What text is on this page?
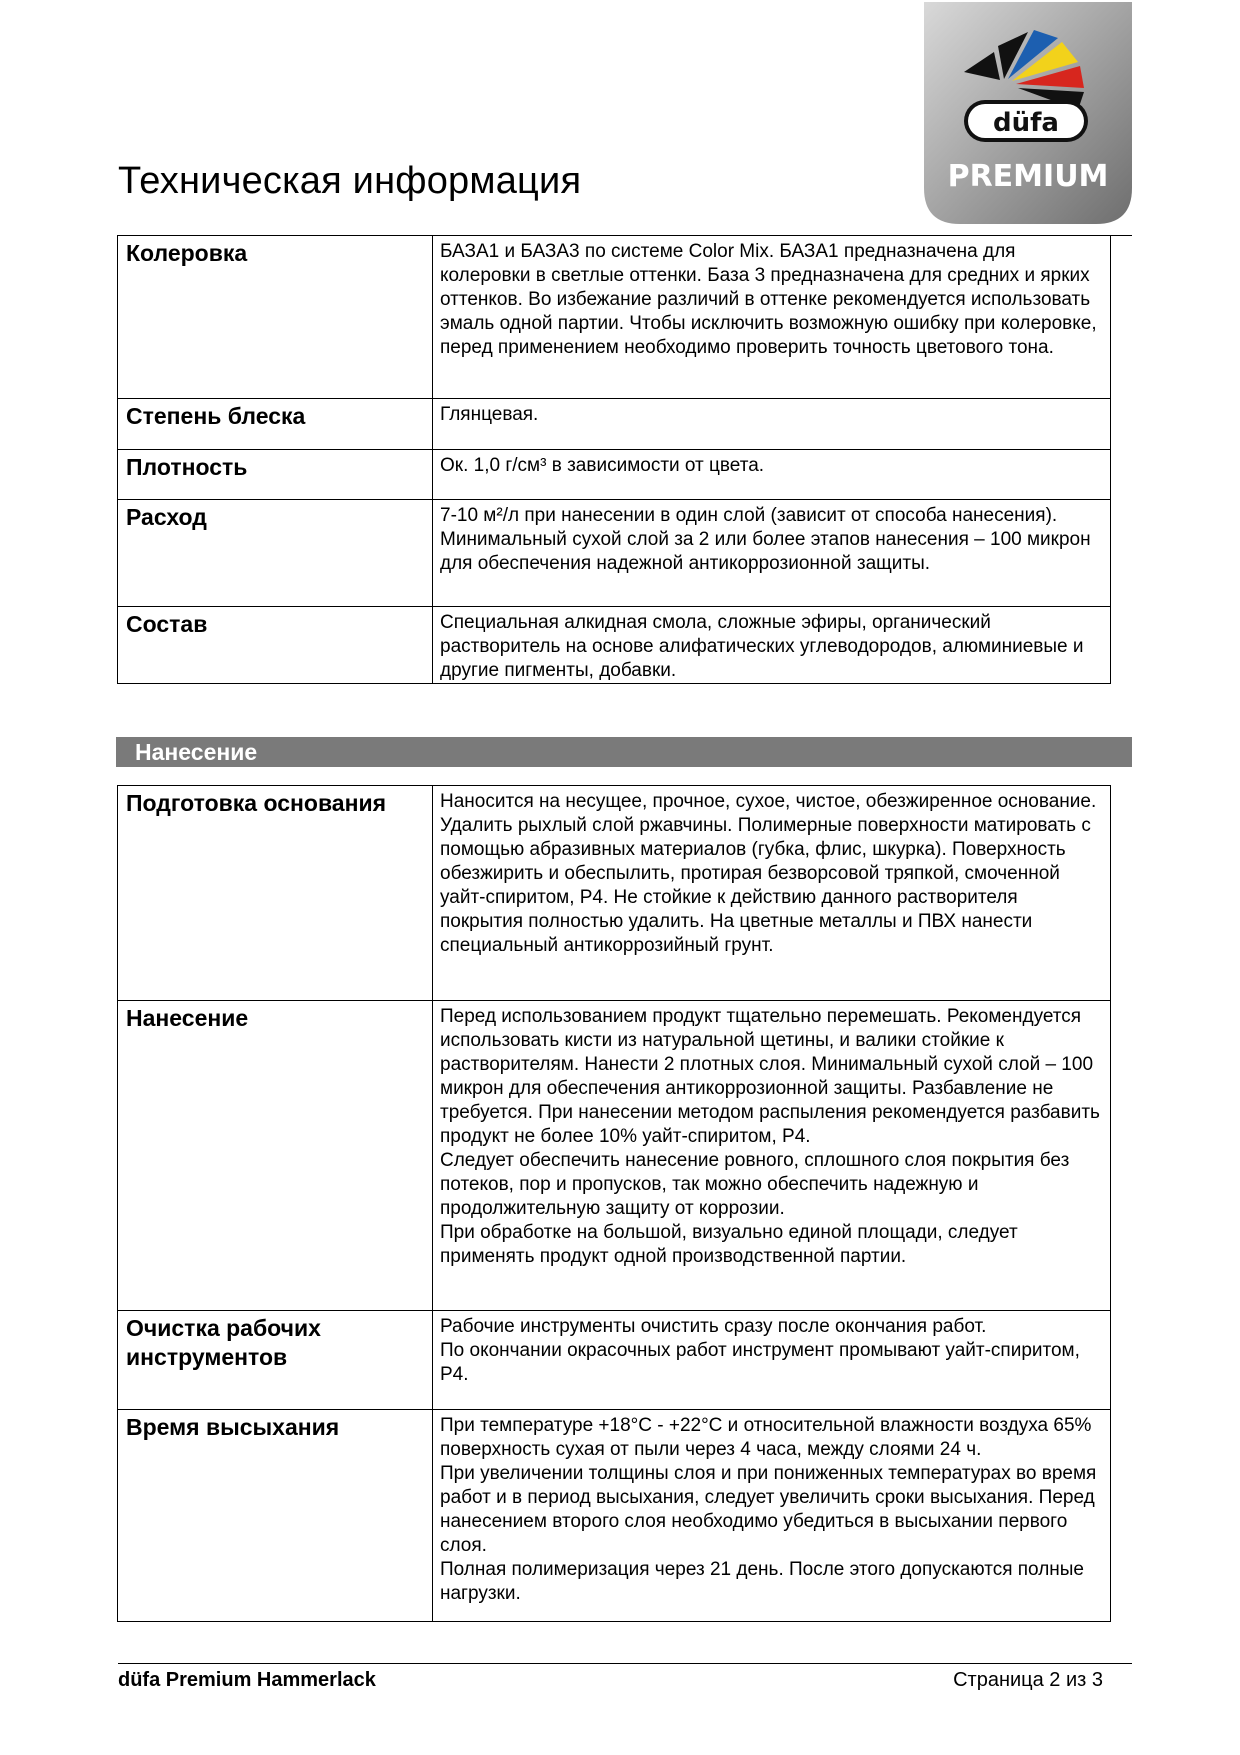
düfa
PREMIUM
Техническая информация
Колеровка	БАЗА1 и БАЗА3 по системе Color Mix. БАЗА1 предназначена для колеровки в светлые оттенки. База 3 предназначена для средних и ярких оттенков. Во избежание различий в оттенке рекомендуется использовать эмаль одной партии. Чтобы исключить возможную ошибку при колеровке, перед применением необходимо проверить точность цветового тона.

Степень блеска	Глянцевая.

Плотность	Ок. 1,0 г/см³ в зависимости от цвета.

Расход	7-10 м²/л при нанесении в один слой (зависит от способа нанесения). Минимальный сухой слой за 2 или более этапов нанесения – 100 микрон для обеспечения надежной антикоррозионной защиты.

Состав	Специальная алкидная смола, сложные эфиры, органический растворитель на основе алифатических углеводородов, алюминиевые и другие пигменты, добавки.
Нанесение
Подготовка основания	Наносится на несущее, прочное, сухое, чистое, обезжиренное основание. Удалить рыхлый слой ржавчины. Полимерные поверхности матировать с помощью абразивных материалов (губка, флис, шкурка). Поверхность обезжирить и обеспылить, протирая безворсовой тряпкой, смоченной уайт-спиритом, Р4. Не стойкие к действию данного растворителя покрытия полностью удалить. На цветные металлы и ПВХ нанести специальный антикоррозийный грунт.

Нанесение	Перед использованием продукт тщательно перемешать. Рекомендуется использовать кисти из натуральной щетины, и валики стойкие к растворителям. Нанести 2 плотных слоя. Минимальный сухой слой – 100 микрон для обеспечения антикоррозионной защиты. Разбавление не требуется. При нанесении методом распыления рекомендуется разбавить продукт не более 10% уайт-спиритом, Р4.
Следует обеспечить нанесение ровного, сплошного слоя покрытия без потеков, пор и пропусков, так можно обеспечить надежную и продолжительную защиту от коррозии.
При обработке на большой, визуально единой площади, следует применять продукт одной производственной партии.

Очистка рабочих инструментов	Рабочие инструменты очистить сразу после окончания работ.
По окончании окрасочных работ инструмент промывают уайт-спиритом, Р4.

Время высыхания	При температуре +18°С - +22°С и относительной влажности воздуха 65% поверхность сухая от пыли через 4 часа, между слоями 24 ч.
При увеличении толщины слоя и при пониженных температурах во время работ и в период высыхания, следует увеличить сроки высыхания. Перед нанесением второго слоя необходимо убедиться в высыхании первого слоя.
Полная полимеризация через 21 день. После этого допускаются полные нагрузки.
düfa Premium Hammerlack	Страница 2 из 3
